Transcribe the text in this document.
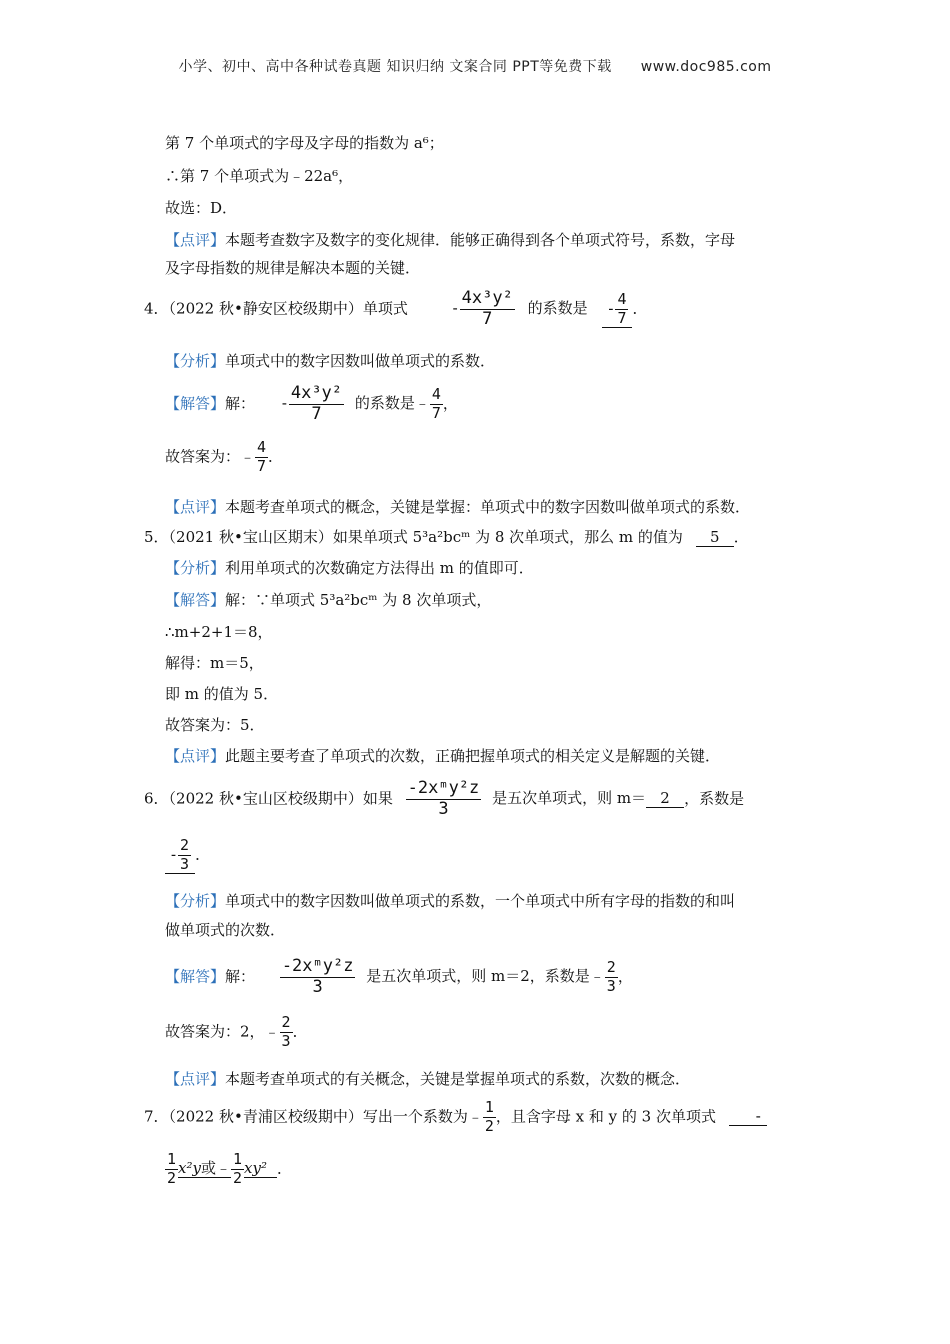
小学、初中、高中各种试卷真题 知识归纳 文案合同 PPT等免费下载 www.doc985.com
第 7 个单项式的字母及字母的指数为 a⁶；
∴第 7 个单项式为﹣22a⁶，
故选：D．
【点评】本题考查数字及数字的变化规律．能够正确得到各个单项式符号，系数，字母
及字母指数的规律是解决本题的关键．
4．（2022 秋•静安区校级期中）单项式	- $\frac{\text{4x³y²}}{7}$ 的系数是 - $\frac{4}{7}$ ．
【分析】单项式中的数字因数叫做单项式的系数．
【解答】解： - $\frac{\text{4x³y²}}{7}$ 的系数是﹣ $\frac{4}{7}$ ，
故答案为：﹣ $\frac{4}{7}$ ．
【点评】本题考查单项式的概念，关键是掌握：单项式中的数字因数叫做单项式的系数．
5．（2021 秋•宝山区期末）如果单项式 5³a²bcᵐ 为 8 次单项式，那么 m 的值为 5 ．
【分析】利用单项式的次数确定方法得出 m 的值即可．
【解答】解：∵单项式 5³a²bcᵐ 为 8 次单项式，
∴m+2+1＝8，
解得：m＝5，
即 m 的值为 5．
故答案为：5．
【点评】此题主要考查了单项式的次数，正确把握单项式的相关定义是解题的关键．
6．（2022 秋•宝山区校级期中）如果 $\frac{\text{-2xᵐy²z}}{3}$ 是五次单项式，则 m＝ 2 ，系数是
- $\frac{2}{3}$ ．
【分析】单项式中的数字因数叫做单项式的系数，一个单项式中所有字母的指数的和叫
做单项式的次数．
【解答】解： $\frac{\text{-2xᵐy²z}}{3}$ 是五次单项式，则 m＝2，系数是﹣ $\frac{2}{3}$ ，
故答案为：2，﹣ $\frac{2}{3}$ ．
【点评】本题考查单项式的有关概念，关键是掌握单项式的系数，次数的概念．
7．（2022 秋•青浦区校级期中）写出一个系数为﹣ $\frac{1}{2}$ ，且含字母 x 和 y 的 3 次单项式	-
$\frac{1}{2} x^2y$或﹣ $\frac{1}{2} xy^2$ ．
